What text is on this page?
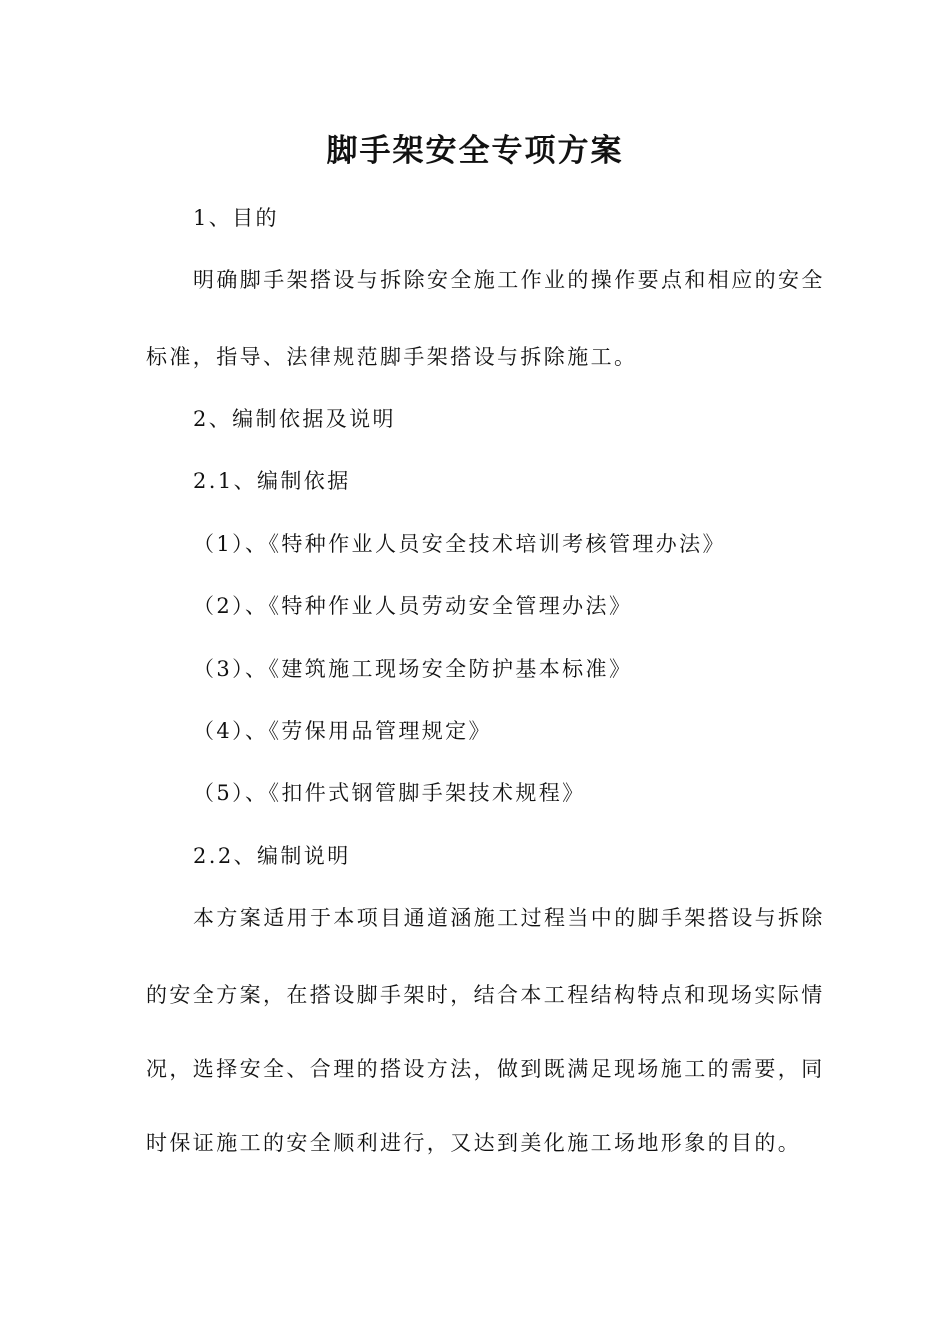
脚手架安全专项方案
1、目的
明确脚手架搭设与拆除安全施工作业的操作要点和相应的安全
标准，指导、法律规范脚手架搭设与拆除施工。
2、编制依据及说明
2.1、编制依据
（1）、《特种作业人员安全技术培训考核管理办法》
（2）、《特种作业人员劳动安全管理办法》
（3）、《建筑施工现场安全防护基本标准》
（4）、《劳保用品管理规定》
（5）、《扣件式钢管脚手架技术规程》
2.2、编制说明
本方案适用于本项目通道涵施工过程当中的脚手架搭设与拆除
的安全方案，在搭设脚手架时，结合本工程结构特点和现场实际情
况，选择安全、合理的搭设方法，做到既满足现场施工的需要，同
时保证施工的安全顺利进行，又达到美化施工场地形象的目的。
